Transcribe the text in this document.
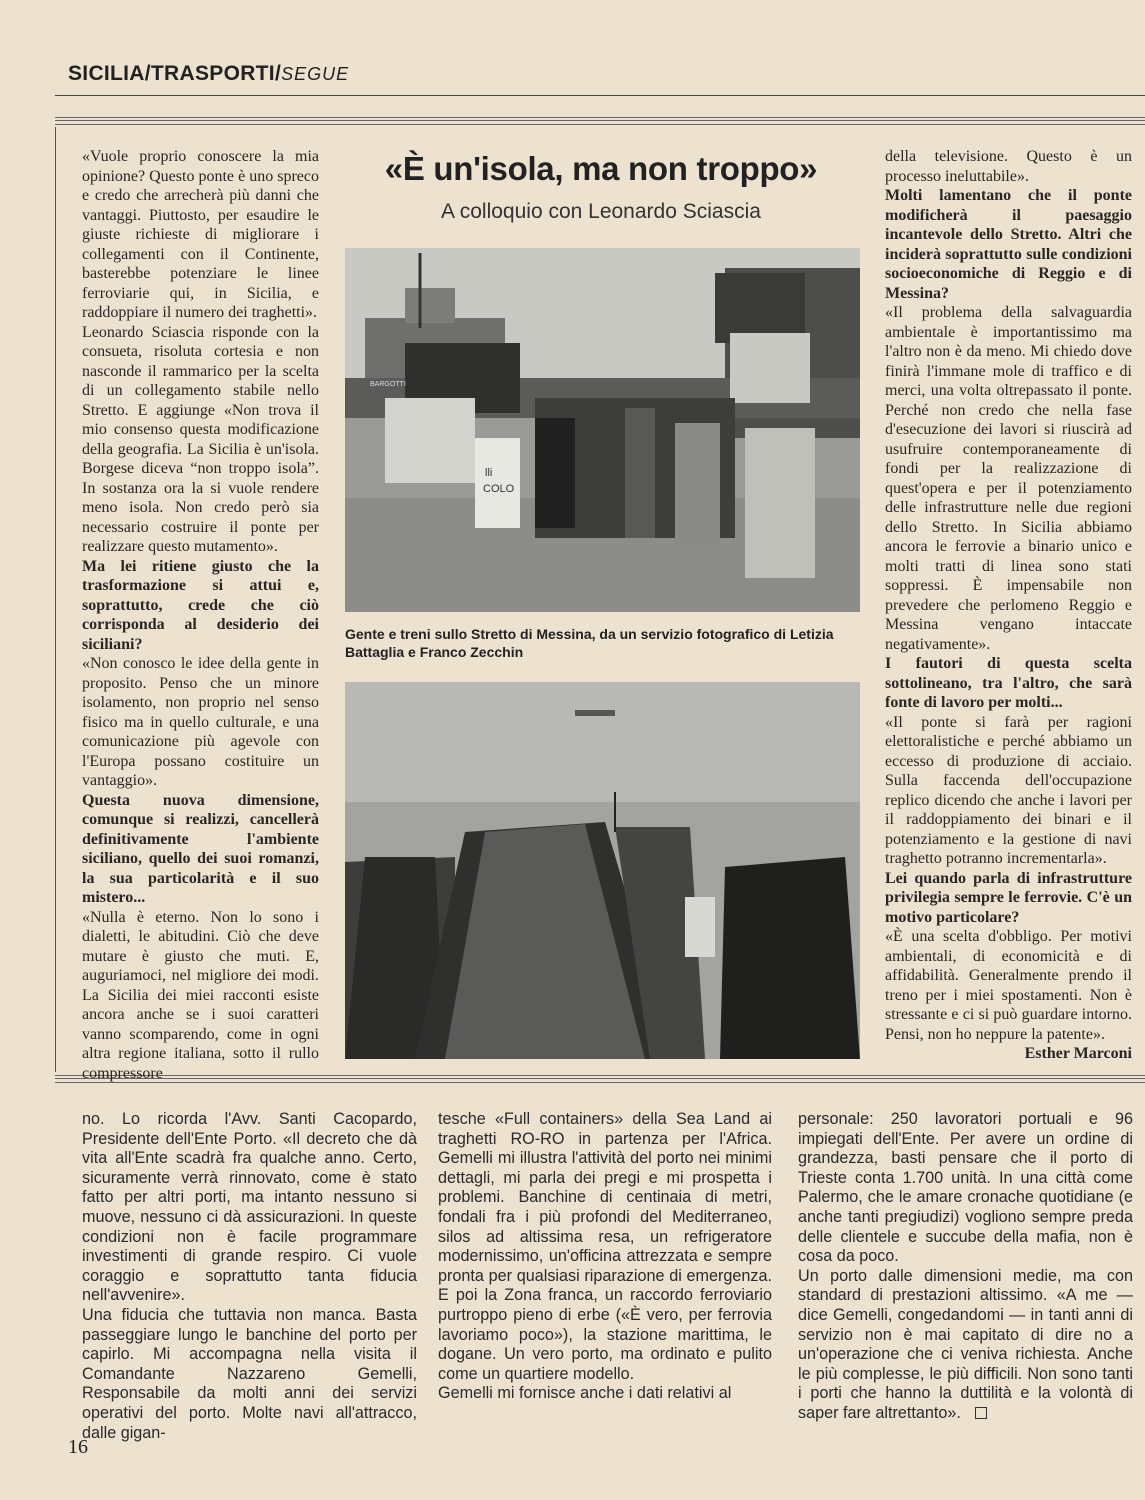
SICILIA/TRASPORTI/SEGUE

«Vuole proprio conoscere la mia opinione? Questo ponte è uno spreco e credo che arrecherà più danni che vantaggi. Piuttosto, per esaudire le giuste richieste di migliorare i collegamenti con il Continente, basterebbe potenziare le linee ferroviarie qui, in Sicilia, e raddoppiare il numero dei traghetti».

Leonardo Sciascia risponde con la consueta, risoluta cortesia e non nasconde il rammarico per la scelta di un collegamento stabile nello Stretto. E aggiunge «Non trova il mio consenso questa modificazione della geografia. La Sicilia è un'isola. Borgese diceva “non troppo isola”. In sostanza ora la si vuole rendere meno isola. Non credo però sia necessario costruire il ponte per realizzare questo mutamento».

Ma lei ritiene giusto che la trasformazione si attui e, soprattutto, crede che ciò corrisponda al desiderio dei siciliani?

«Non conosco le idee della gente in proposito. Penso che un minore isolamento, non proprio nel senso fisico ma in quello culturale, e una comunicazione più agevole con l'Europa possano costituire un vantaggio».

Questa nuova dimensione, comunque si realizzi, cancellerà definitivamente l'ambiente siciliano, quello dei suoi romanzi, la sua particolarità e il suo mistero...

«Nulla è eterno. Non lo sono i dialetti, le abitudini. Ciò che deve mutare è giusto che muti. E, auguriamoci, nel migliore dei modi. La Sicilia dei miei racconti esiste ancora anche se i suoi caratteri vanno scomparendo, come in ogni altra regione italiana, sotto il rullo compressore

«È un'isola, ma non troppo»
A colloquio con Leonardo Sciascia
lli
COLO
BARGOTTI
Gente e treni sullo Stretto di Messina, da un servizio fotografico di Letizia Battaglia e Franco Zecchin

della televisione. Questo è un processo ineluttabile».

Molti lamentano che il ponte modificherà il paesaggio incantevole dello Stretto. Altri che inciderà soprattutto sulle condizioni socioeconomiche di Reggio e di Messina?

«Il problema della salvaguardia ambientale è importantissimo ma l'altro non è da meno. Mi chiedo dove finirà l'immane mole di traffico e di merci, una volta oltrepassato il ponte. Perché non credo che nella fase d'esecuzione dei lavori si riuscirà ad usufruire contemporaneamente di fondi per la realizzazione di quest'opera e per il potenziamento delle infrastrutture nelle due regioni dello Stretto. In Sicilia abbiamo ancora le ferrovie a binario unico e molti tratti di linea sono stati soppressi. È impensabile non prevedere che perlomeno Reggio e Messina vengano intaccate negativamente».

I fautori di questa scelta sottolineano, tra l'altro, che sarà fonte di lavoro per molti...

«Il ponte si farà per ragioni elettoralistiche e perché abbiamo un eccesso di produzione di acciaio. Sulla faccenda dell'occupazione replico dicendo che anche i lavori per il raddoppiamento dei binari e il potenziamento e la gestione di navi traghetto potranno incrementarla».

Lei quando parla di infrastrutture privilegia sempre le ferrovie. C'è un motivo particolare?

«È una scelta d'obbligo. Per motivi ambientali, di economicità e di affidabilità. Generalmente prendo il treno per i miei spostamenti. Non è stressante e ci si può guardare intorno. Pensi, non ho neppure la patente».

Esther Marconi

no. Lo ricorda l'Avv. Santi Cacopardo, Presidente dell'Ente Porto. «Il decreto che dà vita all'Ente scadrà fra qualche anno. Certo, sicuramente verrà rinnovato, come è stato fatto per altri porti, ma intanto nessuno si muove, nessuno ci dà assicurazioni. In queste condizioni non è facile programmare investimenti di grande respiro. Ci vuole coraggio e soprattutto tanta fiducia nell'avvenire».

Una fiducia che tuttavia non manca. Basta passeggiare lungo le banchine del porto per capirlo. Mi accompagna nella visita il Comandante Nazzareno Gemelli, Responsabile da molti anni dei servizi operativi del porto. Molte navi all'attracco, dalle gigan-

tesche «Full containers» della Sea Land ai traghetti RO-RO in partenza per l'Africa. Gemelli mi illustra l'attività del porto nei minimi dettagli, mi parla dei pregi e mi prospetta i problemi. Banchine di centinaia di metri, fondali fra i più profondi del Mediterraneo, silos ad altissima resa, un refrigeratore modernissimo, un'officina attrezzata e sempre pronta per qualsiasi riparazione di emergenza. E poi la Zona franca, un raccordo ferroviario purtroppo pieno di erbe («È vero, per ferrovia lavoriamo poco»), la stazione marittima, le dogane. Un vero porto, ma ordinato e pulito come un quartiere modello.

Gemelli mi fornisce anche i dati relativi al

personale: 250 lavoratori portuali e 96 impiegati dell'Ente. Per avere un ordine di grandezza, basti pensare che il porto di Trieste conta 1.700 unità. In una città come Palermo, che le amare cronache quotidiane (e anche tanti pregiudizi) vogliono sempre preda delle clientele e succube della mafia, non è cosa da poco.

Un porto dalle dimensioni medie, ma con standard di prestazioni altissimo. «A me — dice Gemelli, congedandomi — in tanti anni di servizio non è mai capitato di dire no a un'operazione che ci veniva richiesta. Anche le più complesse, le più difficili. Non sono tanti i porti che hanno la duttilità e la volontà di saper fare altrettanto».

16
